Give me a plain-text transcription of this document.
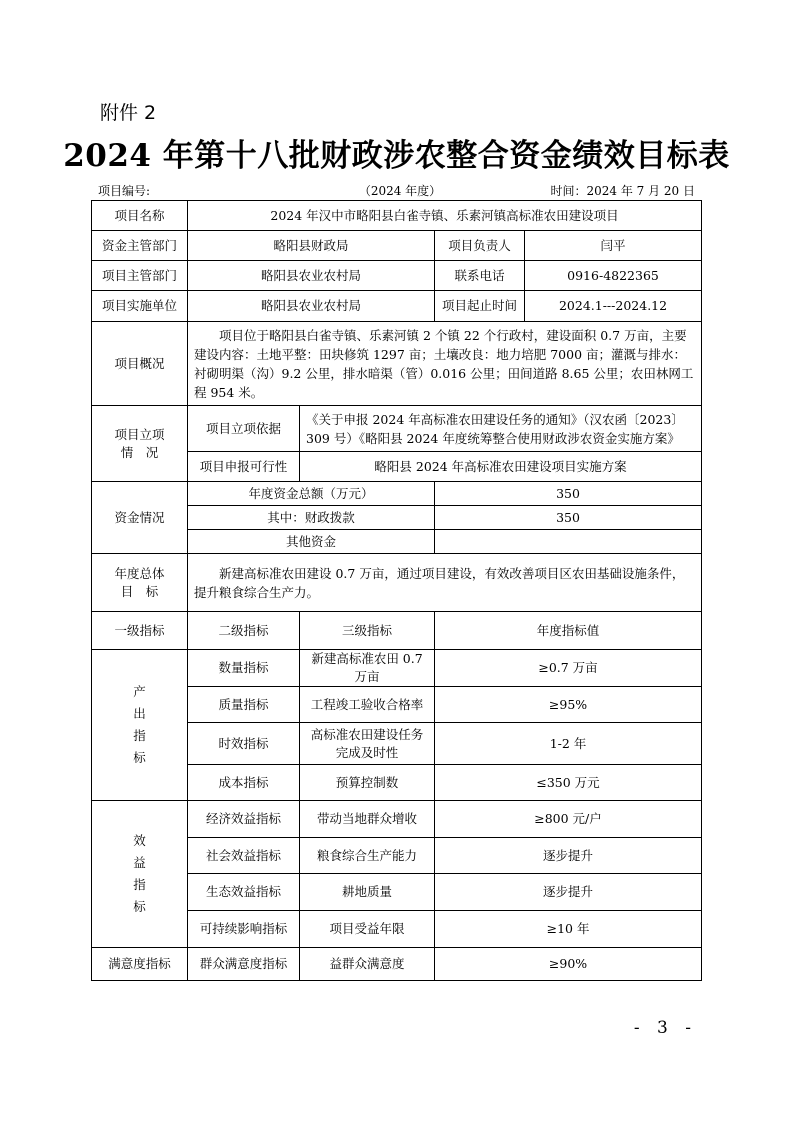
附件 2
2024 年第十八批财政涉农整合资金绩效目标表
项目编号:	（2024 年度）	时间：2024 年 7 月 20 日
项目名称	2024 年汉中市略阳县白雀寺镇、乐素河镇高标准农田建设项目			
资金主管部门	略阳县财政局		项目负责人	闫平
项目主管部门	略阳县农业农村局		联系电话	0916-4822365
项目实施单位	略阳县农业农村局		项目起止时间	2024.1---2024.12
项目概况	项目位于略阳县白雀寺镇、乐素河镇 2 个镇 22 个行政村，建设面积 0.7 万亩，主要建设内容：土地平整：田块修筑 1297 亩；土壤改良：地力培肥 7000 亩；灌溉与排水：衬砌明渠（沟）9.2 公里，排水暗渠（管）0.016 公里；田间道路 8.65 公里；农田林网工程 954 米。			

项目立项
情　况	项目立项依据	《关于申报 2024 年高标准农田建设任务的通知》（汉农函〔2023〕309 号）《略阳县 2024 年度统筹整合使用财政涉农资金实施方案》		
	项目申报可行性	略阳县 2024 年高标准农田建设项目实施方案		
资金情况	年度资金总额（万元）		350	
	其中：财政拨款		350	
	其他资金			

年度总体
目　标	新建高标准农田建设 0.7 万亩，通过项目建设，有效改善项目区农田基础设施条件，提升粮食综合生产力。			
一级指标	二级指标	三级指标	年度指标值	

产
出
指
标	数量指标	新建高标准农田 0.7 万亩	≥0.7 万亩	
	质量指标	工程竣工验收合格率	≥95%	
	时效指标	高标准农田建设任务完成及时性	1-2 年	
	成本指标	预算控制数	≤350 万元	

效
益
指
标	经济效益指标	带动当地群众增收	≥800 元/户	
	社会效益指标	粮食综合生产能力	逐步提升	
	生态效益指标	耕地质量	逐步提升	
	可持续影响指标	项目受益年限	≥10 年	
满意度指标	群众满意度指标	益群众满意度	≥90%	
- 3 -
